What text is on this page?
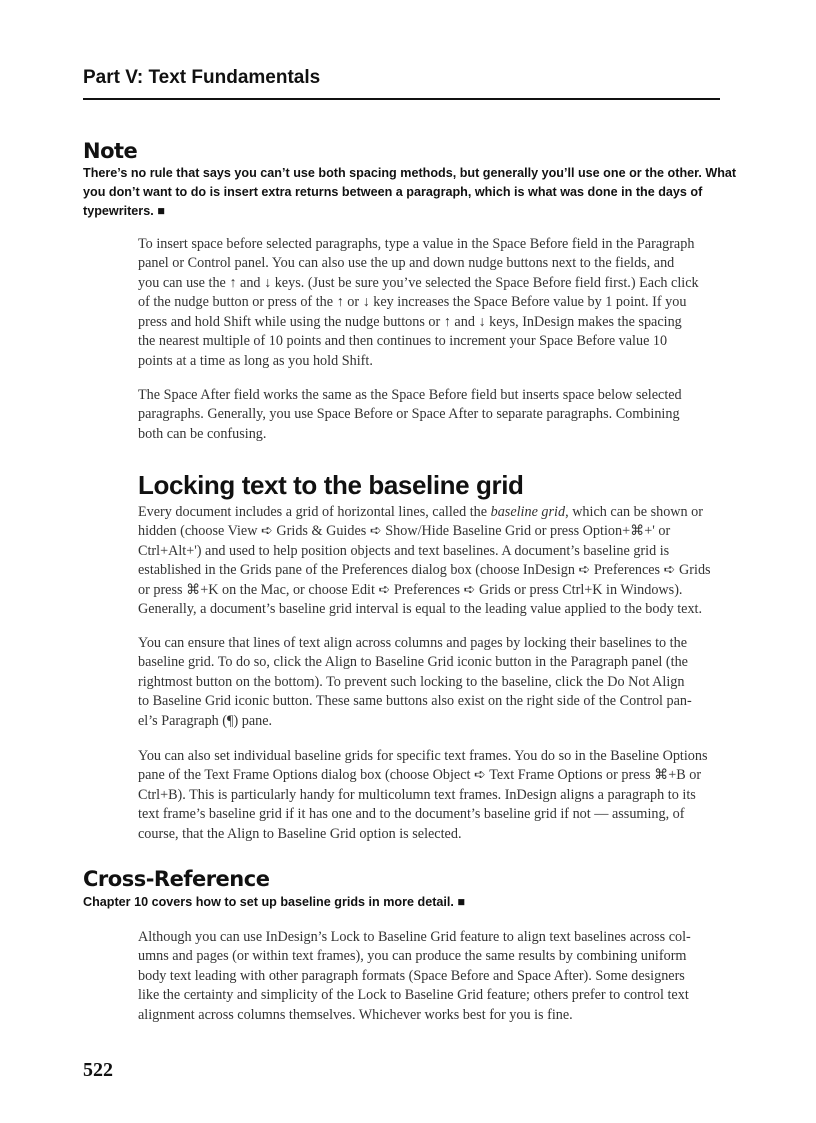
Part V: Text Fundamentals
Note
There’s no rule that says you can’t use both spacing methods, but generally you’ll use one or the other. What
you don’t want to do is insert extra returns between a paragraph, which is what was done in the days of
typewriters. ■
To insert space before selected paragraphs, type a value in the Space Before field in the Paragraph
panel or Control panel. You can also use the up and down nudge buttons next to the fields, and
you can use the ↑ and ↓ keys. (Just be sure you’ve selected the Space Before field first.) Each click
of the nudge button or press of the ↑ or ↓ key increases the Space Before value by 1 point. If you
press and hold Shift while using the nudge buttons or ↑ and ↓ keys, InDesign makes the spacing
the nearest multiple of 10 points and then continues to increment your Space Before value 10
points at a time as long as you hold Shift.
The Space After field works the same as the Space Before field but inserts space below selected
paragraphs. Generally, you use Space Before or Space After to separate paragraphs. Combining
both can be confusing.
Locking text to the baseline grid
Every document includes a grid of horizontal lines, called the baseline grid, which can be shown or
hidden (choose View ➪ Grids & Guides ➪ Show/Hide Baseline Grid or press Option+⌘+' or
Ctrl+Alt+') and used to help position objects and text baselines. A document’s baseline grid is
established in the Grids pane of the Preferences dialog box (choose InDesign ➪ Preferences ➪ Grids
or press ⌘+K on the Mac, or choose Edit ➪ Preferences ➪ Grids or press Ctrl+K in Windows).
Generally, a document’s baseline grid interval is equal to the leading value applied to the body text.
You can ensure that lines of text align across columns and pages by locking their baselines to the
baseline grid. To do so, click the Align to Baseline Grid iconic button in the Paragraph panel (the
rightmost button on the bottom). To prevent such locking to the baseline, click the Do Not Align
to Baseline Grid iconic button. These same buttons also exist on the right side of the Control pan-
el’s Paragraph (¶) pane.
You can also set individual baseline grids for specific text frames. You do so in the Baseline Options
pane of the Text Frame Options dialog box (choose Object ➪ Text Frame Options or press ⌘+B or
Ctrl+B). This is particularly handy for multicolumn text frames. InDesign aligns a paragraph to its
text frame’s baseline grid if it has one and to the document’s baseline grid if not — assuming, of
course, that the Align to Baseline Grid option is selected.
Cross-Reference
Chapter 10 covers how to set up baseline grids in more detail. ■
Although you can use InDesign’s Lock to Baseline Grid feature to align text baselines across col-
umns and pages (or within text frames), you can produce the same results by combining uniform
body text leading with other paragraph formats (Space Before and Space After). Some designers
like the certainty and simplicity of the Lock to Baseline Grid feature; others prefer to control text
alignment across columns themselves. Whichever works best for you is fine.
522
